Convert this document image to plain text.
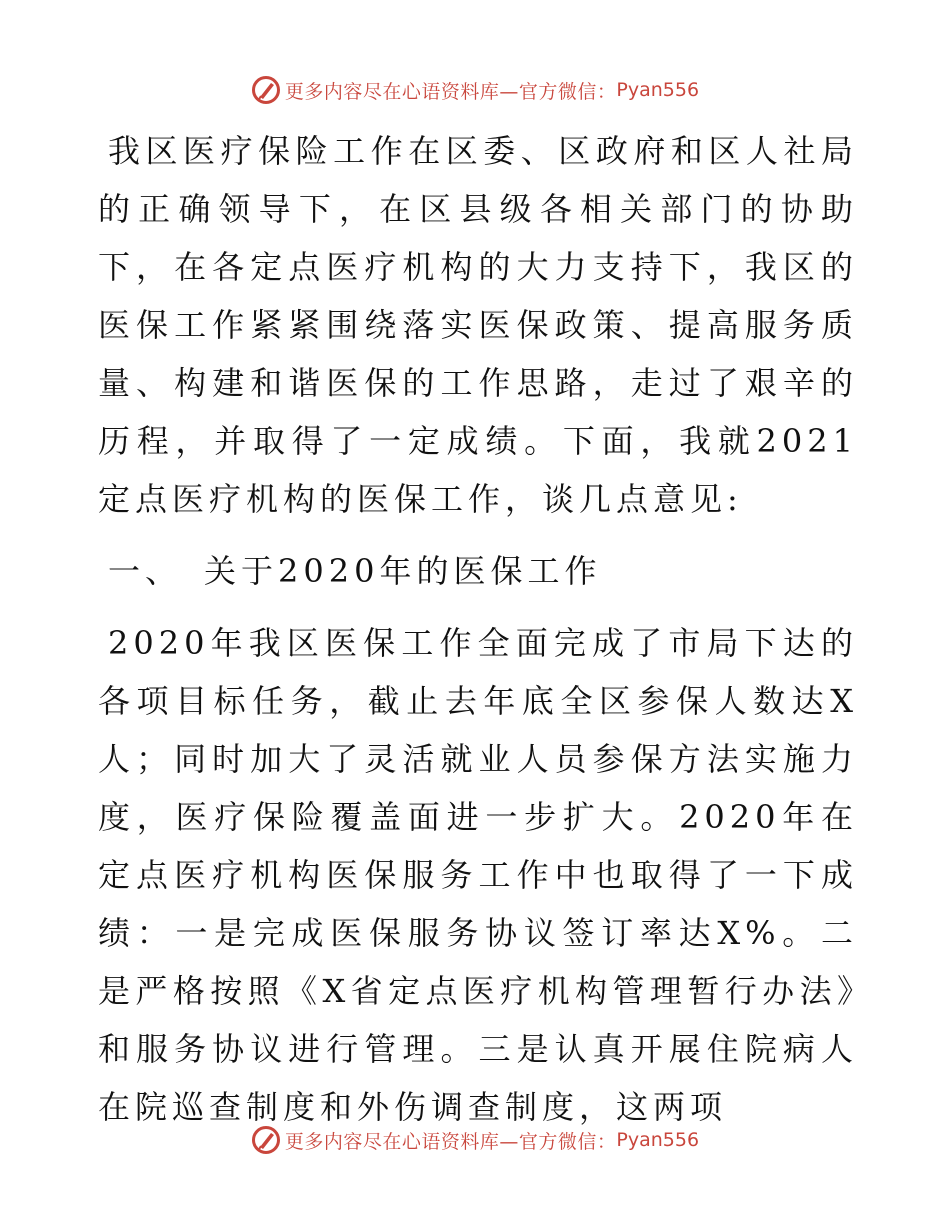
更多内容尽在心语资料库—官方微信： Pyan556

我区医疗保险工作在区委、区政府和区人社局的正确领导下，在区县级各相关部门的协助下，在各定点医疗机构的大力支持下，我区的医保工作紧紧围绕落实医保政策、提高服务质量、构建和谐医保的工作思路，走过了艰辛的历程，并取得了一定成绩。下面，我就2021定点医疗机构的医保工作，谈几点意见:

一、 关于2020年的医保工作

2020年我区医保工作全面完成了市局下达的各项目标任务，截止去年底全区参保人数达X人；同时加大了灵活就业人员参保方法实施力度，医疗保险覆盖面进一步扩大。2020年在定点医疗机构医保服务工作中也取得了一下成绩：一是完成医保服务协议签订率达X%。二是严格按照《X省定点医疗机构管理暂行办法》和服务协议进行管理。三是认真开展住院病人在院巡查制度和外伤调查制度，这两项

更多内容尽在心语资料库—官方微信： Pyan556
